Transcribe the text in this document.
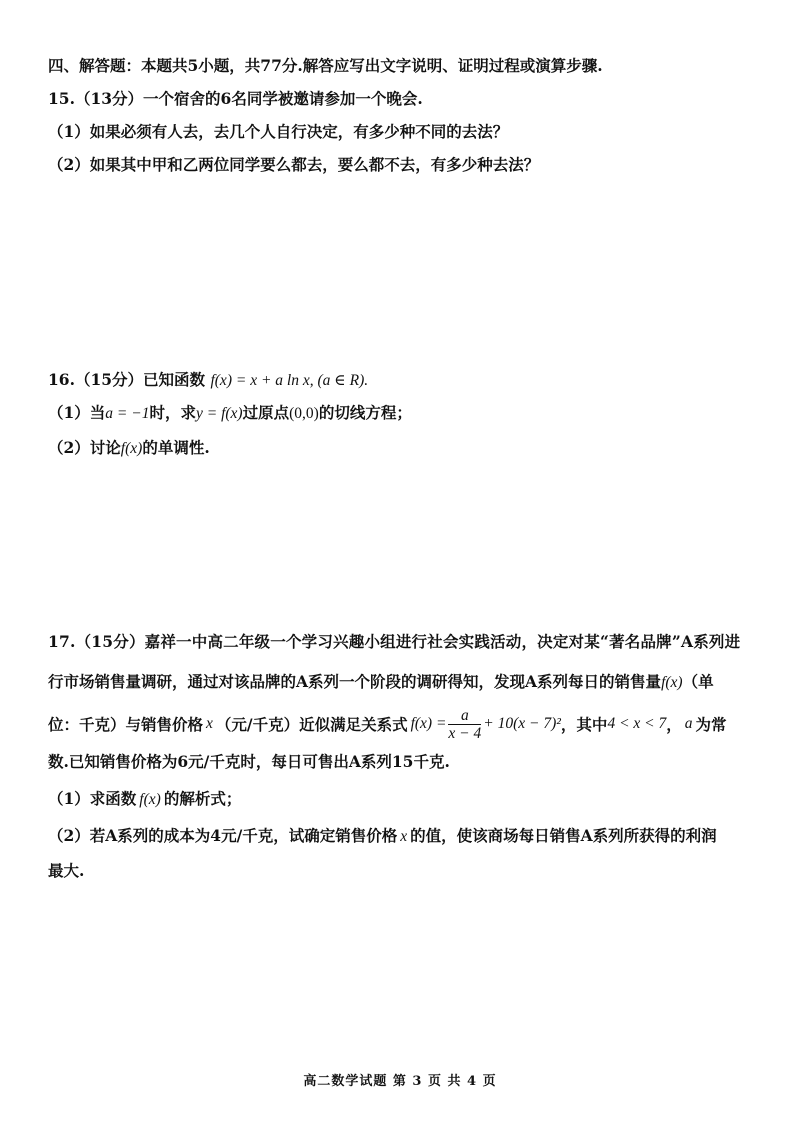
四、解答题：本题共5小题，共77分.解答应写出文字说明、证明过程或演算步骤.
15.（13分）一个宿舍的6名同学被邀请参加一个晚会.
（1）如果必须有人去，去几个人自行决定，有多少种不同的去法？
（2）如果其中甲和乙两位同学要么都去，要么都不去，有多少种去法？
16.（15分）已知函数 f(x) = x + a ln x, (a ∈ R).
（1）当a = −1时，求y = f(x)过原点(0,0)的切线方程；
（2）讨论f(x)的单调性.
17.（15分）嘉祥一中高二年级一个学习兴趣小组进行社会实践活动，决定对某“著名品牌”A系列进
行市场销售量调研，通过对该品牌的A系列一个阶段的调研得知，发现A系列每日的销售量f(x)（单
位：千克）与销售价格 x （元/千克）近似满足关系式 $f(x) = \frac{a}{x - 4} + 10(x - 7)^2$ ，其中 4 < x < 7 ， a 为常
数.已知销售价格为6元/千克时，每日可售出A系列15千克.
（1）求函数 f(x) 的解析式；
（2）若A系列的成本为4元/千克，试确定销售价格 x 的值，使该商场每日销售A系列所获得的利润
最大.
高二数学试题 第 3 页 共 4 页
